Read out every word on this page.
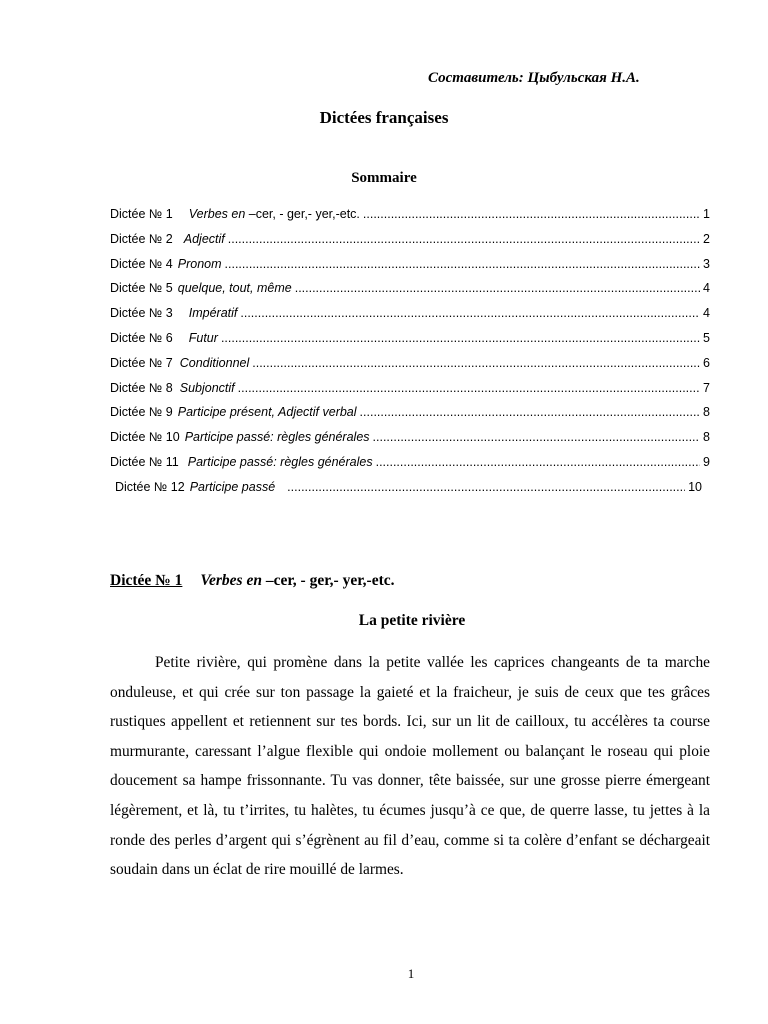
Составитель: Цыбульская Н.А.
Dictées françaises
Sommaire
Dictée № 1 Verbes en – cer, - ger,- yer,-etc. .....	1
Dictée № 2 Adjectif .....	2
Dictée № 4 Pronom .....	3
Dictée № 5 quelque, tout, même .....	4
Dictée № 3 Impératif .....	4
Dictée № 6 Futur .....	5
Dictée № 7 Conditionnel .....	6
Dictée № 8 Subjonctif .....	7
Dictée № 9 Participe présent, Adjectif verbal .....	8
Dictée № 10 Participe passé: règles générales .....	8
Dictée № 11 Participe passé: règles générales .....	9
Dictée № 12 Participe passé .....	10
Dictée № 1 Verbes en –cer, - ger,- yer,-etc.
La petite rivière

Petite rivière, qui promène dans la petite vallée les caprices changeants de ta marche onduleuse, et qui crée sur ton passage la gaieté et la fraicheur, je suis de ceux que tes grâces rustiques appellent et retiennent sur tes bords. Ici, sur un lit de cailloux, tu accélères ta course murmurante, caressant l’algue flexible qui ondoie mollement ou balançant le roseau qui ploie doucement sa hampe frissonnante. Tu vas donner, tête baissée, sur une grosse pierre émergeant légèrement, et là, tu t’irrites, tu halètes, tu écumes jusqu’à ce que, de querre lasse, tu jettes à la ronde des perles d’argent qui s’égrènent au fil d’eau, comme si ta colère d’enfant se déchargeait soudain dans un éclat de rire mouillé de larmes.

1
